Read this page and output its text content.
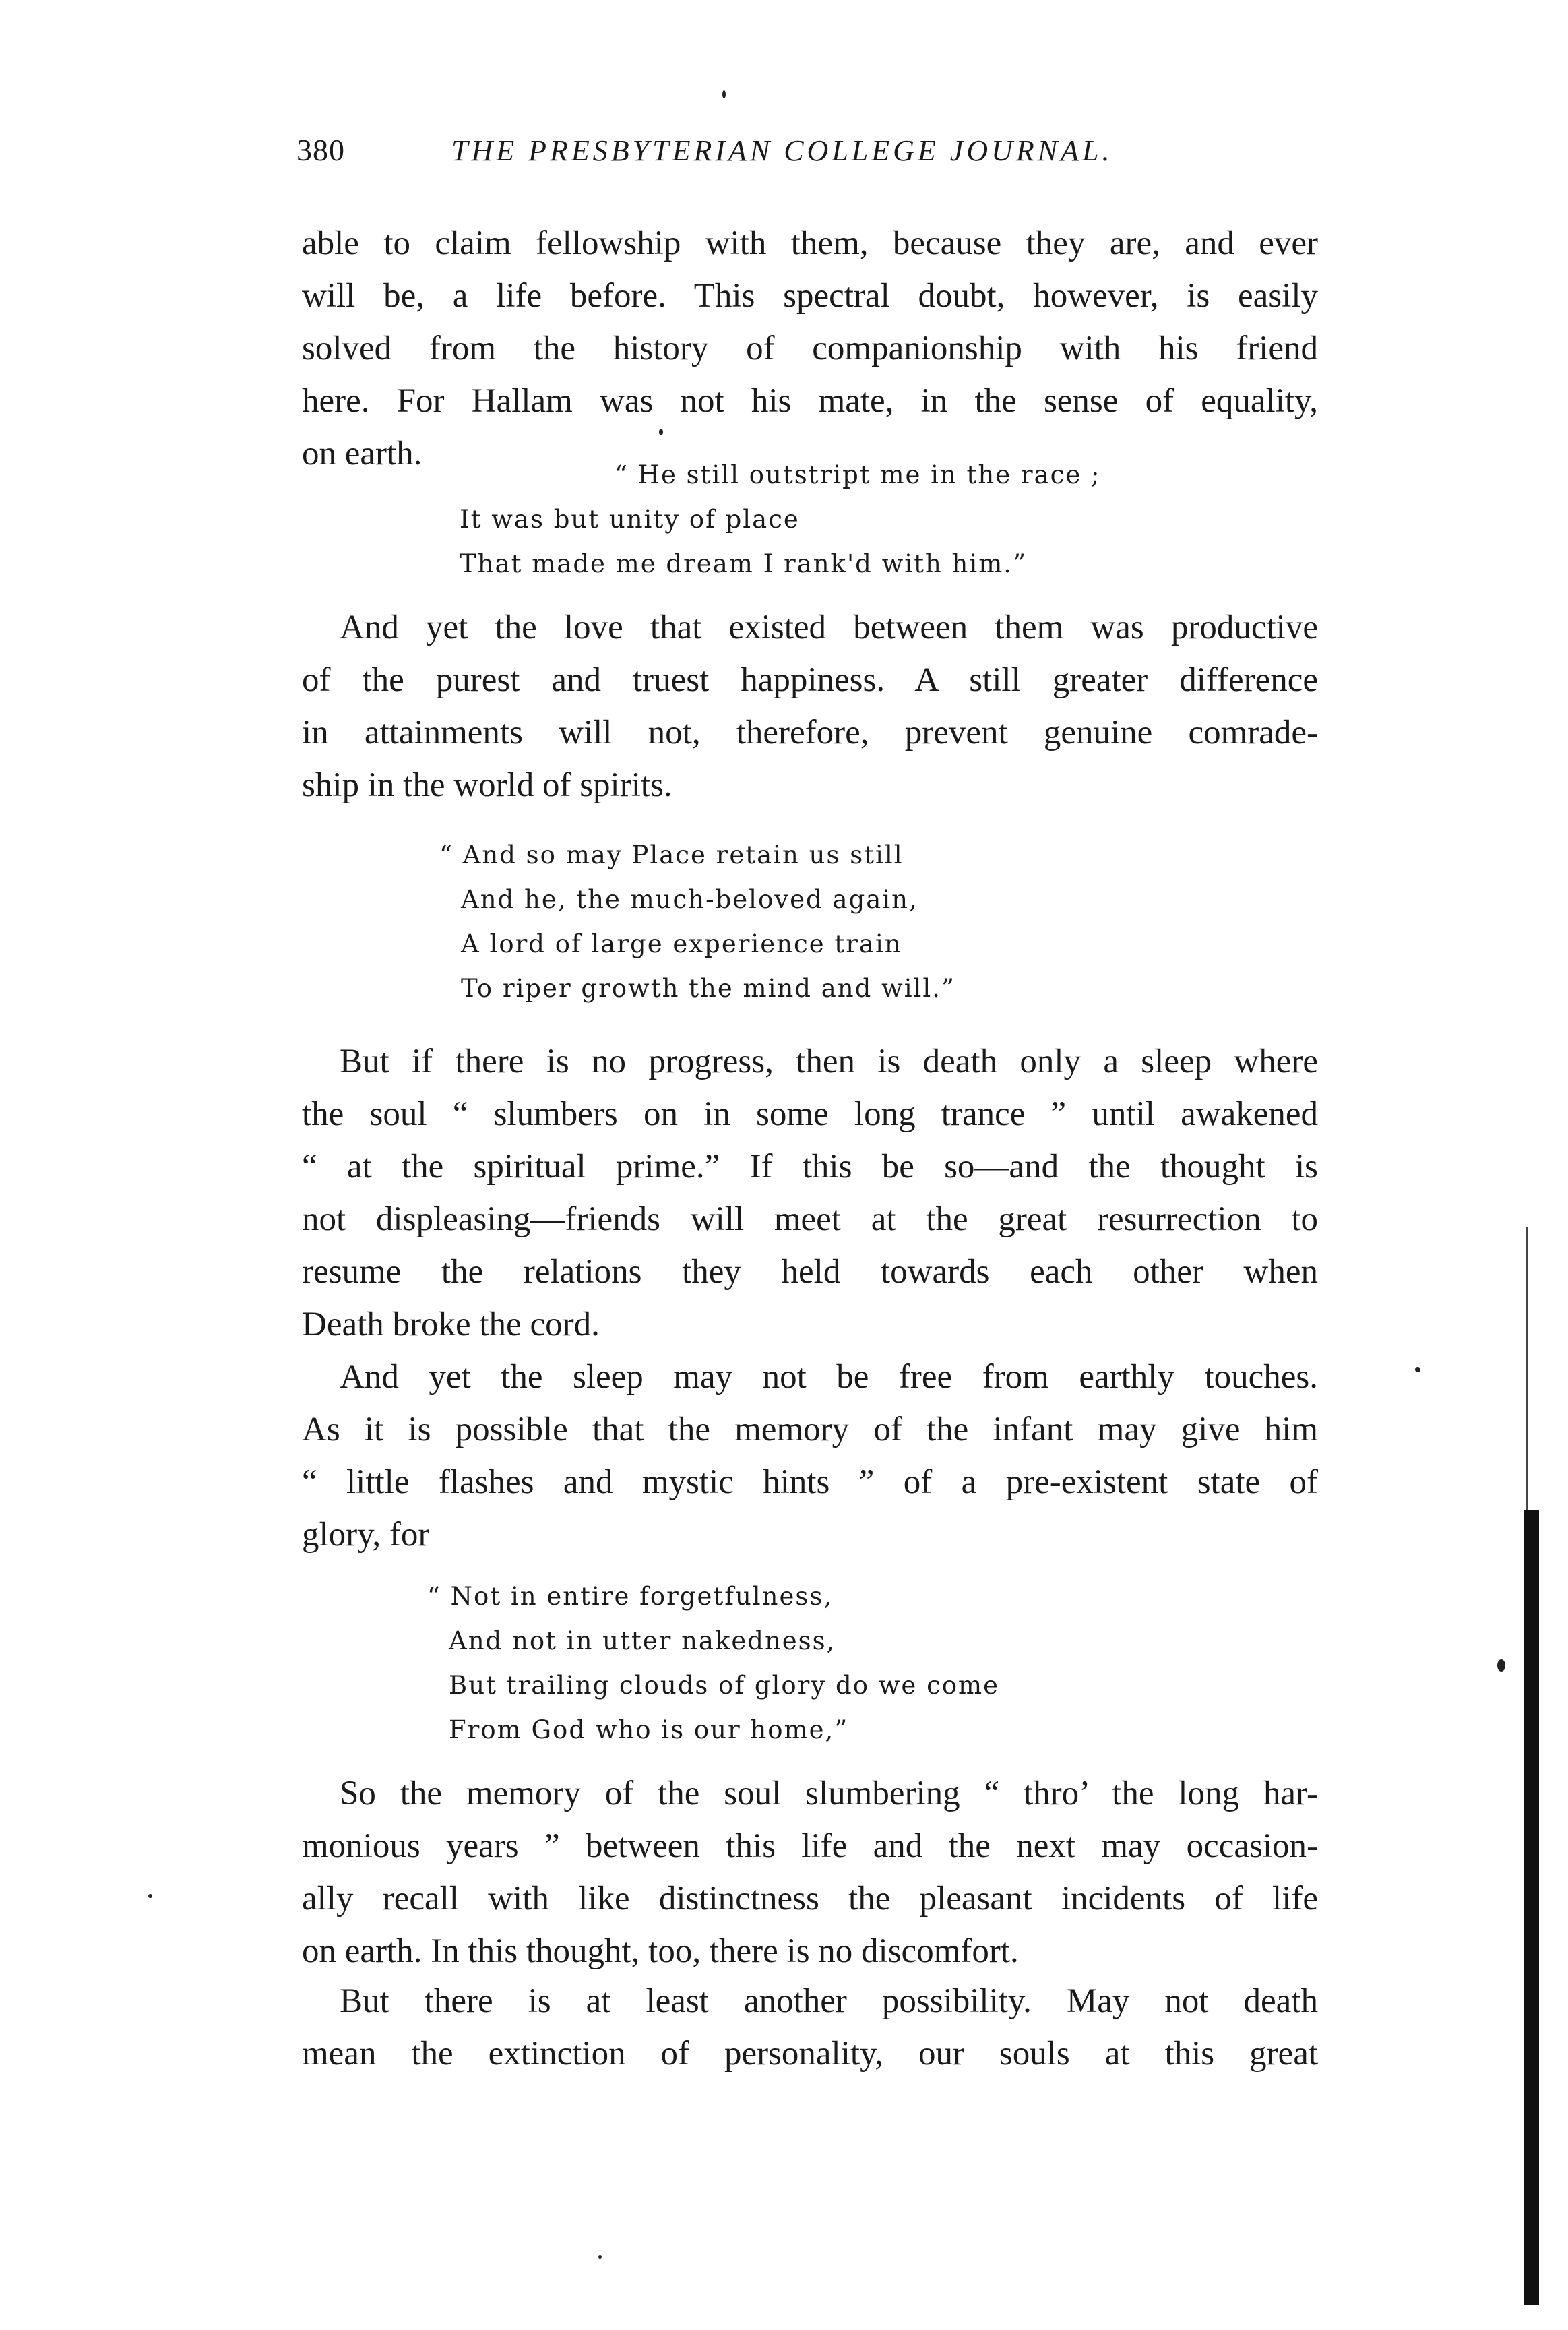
380	THE PRESBYTERIAN COLLEGE JOURNAL.
able to claim fellowship with them, because they are, and ever
will be, a life before. This spectral doubt, however, is easily
solved from the history of companionship with his friend
here. For Hallam was not his mate, in the sense of equality,
on earth.
“ He still outstript me in the race ;
It was but unity of place
That made me dream I rank'd with him.”
And yet the love that existed between them was productive
of the purest and truest happiness. A still greater difference
in attainments will not, therefore, prevent genuine comrade-
ship in the world of spirits.
“ And so may Place retain us still
And he, the much-beloved again,
A lord of large experience train
To riper growth the mind and will.”
But if there is no progress, then is death only a sleep where
the soul “ slumbers on in some long trance ” until awakened
“ at the spiritual prime.” If this be so—and the thought is
not displeasing—friends will meet at the great resurrection to
resume the relations they held towards each other when
Death broke the cord.
And yet the sleep may not be free from earthly touches.
As it is possible that the memory of the infant may give him
“ little flashes and mystic hints ” of a pre-existent state of
glory, for
“ Not in entire forgetfulness,
And not in utter nakedness,
But trailing clouds of glory do we come
From God who is our home,”
So the memory of the soul slumbering “ thro’ the long har-
monious years ” between this life and the next may occasion-
ally recall with like distinctness the pleasant incidents of life
on earth. In this thought, too, there is no discomfort.
But there is at least another possibility. May not death
mean the extinction of personality, our souls at this great
